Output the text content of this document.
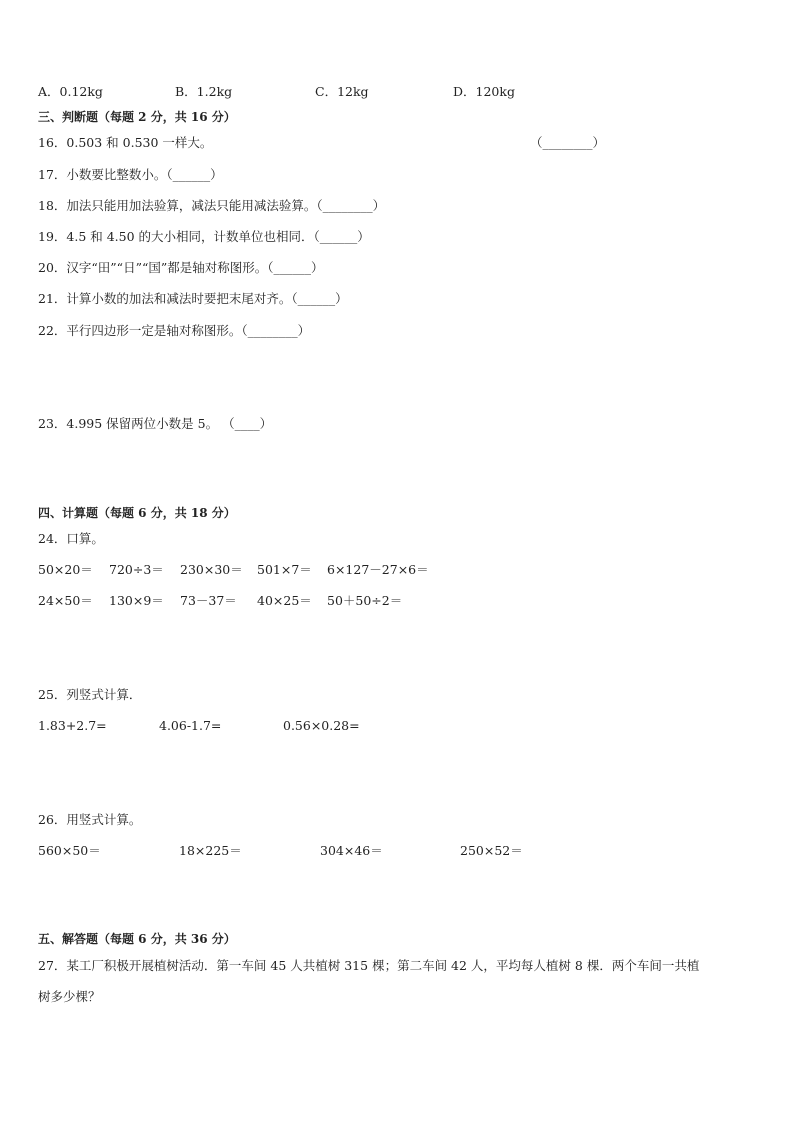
A．0.12kg	B．1.2kg	C．12kg	D．120kg
三、判断题（每题 2 分，共 16 分）
16．0.503 和 0.530 一样大。	（________）
17．小数要比整数小。（______）
18．加法只能用加法验算，减法只能用减法验算。（________）
19．4.5 和 4.50 的大小相同，计数单位也相同．（______）
20．汉字“田”“日”“国”都是轴对称图形。（______）
21．计算小数的加法和减法时要把末尾对齐。（______）
22．平行四边形一定是轴对称图形。（________）
23．4.995 保留两位小数是 5。 （____）
四、计算题（每题 6 分，共 18 分）
24．口算。
50×20＝ 720÷3＝ 230×30＝ 501×7＝ 6×127－27×6＝
24×50＝ 130×9＝ 73－37＝ 40×25＝ 50＋50÷2＝
25．列竖式计算．
1.83+2.7=	4.06-1.7=	0.56×0.28=
26．用竖式计算。
560×50＝	18×225＝	304×46＝	250×52＝
五、解答题（每题 6 分，共 36 分）
27．某工厂积极开展植树活动．第一车间 45 人共植树 315 棵；第二车间 42 人，平均每人植树 8 棵．两个车间一共植
树多少棵？
